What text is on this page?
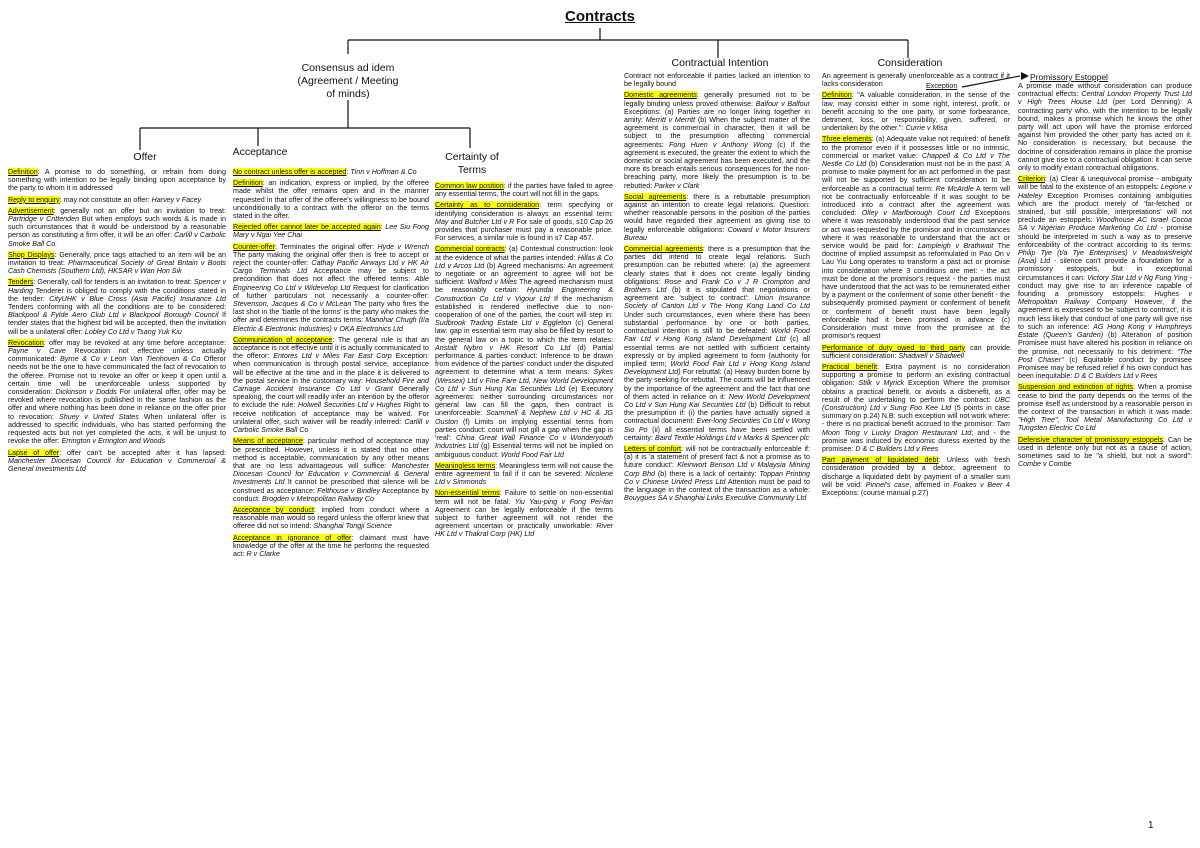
Contracts
Consensus ad idem
(Agreement / Meeting
of minds)
Offer	Acceptance	Certainty of
Terms
Contractual Intention	Consideration
Promissory Estoppel
Exception

Definition: A promise to do something, or refrain from doing something with intention to be legally binding upon acceptance by the party to whom it is addressed

Reply to enquiry: may not constitute an offer: Harvey v Facey

Advertisement: generally not an offer but an invitation to treat: Partridge v Crittenden But when employs such words & is made in such circumstances that it would be understood by a reasonable person as constituting a firm offer, it will be an offer: Carlill v Carbolic Smoke Ball Co.

Shop Displays: Generally, price tags attached to an item will be an invitation to treat: Pharmaceutical Society of Great Britain v Boots Cash Chemists (Southern Ltd), HKSAR v Wan Hon Sik

Tenders: Generally, call for tenders is an invitation to treat: Spencer v Harding Tenderer is obliged to comply with the conditions stated in the tender: CityUHK v Blue Cross (Asia Pacific) Insurance Ltd Tenders conforming with all the conditions are to be considered: Blackpool & Fylde Aero Club Ltd v Blackpool Borough Council If tender states that the highest bid will be accepted, then the invitation will be a unilateral offer: Lobley Co Ltd v Tsang Yuk Kiu

Revocation: offer may be revoked at any time before acceptance: Payne v Cave Revocation not effective unless actually communicated: Byrne & Co v Leon Van Tienhoven & Co Offeror needs not be the one to have communicated the fact of revocation to the offeree. Promise not to revoke an offer or keep it open until a certain time will be unenforceable unless supported by consideration: Dickinson v Dodds For unilateral offer, offer may be revoked where revocation is published in the same fashion as the offer and where nothing has been done in reliance on the offer prior to revocation: Shuey v United States When unilateral offer is addressed to specific individuals, who has started performing the requested acts but not yet completed the acts, it will be unjust to revoke the offer: Errington v Errington and Woods

Lapse of offer: offer can't be accepted after it has lapsed: Manchester Diocesan Council for Education v Commercial & General Investments Ltd

No contract unless offer is accepted: Tinn v Hoffman & Co

Definition: an indication, express or implied, by the offeree made whilst the offer remains open and in the manner requested in that offer of the offeree's willingness to be bound unconditionally to a contract with the offeror on the terms stated in the offer.

Rejected offer cannot later be accepted again: Lee Siu Fong Mary v Ngai Yee Chai

Counter-offer: Terminates the original offer: Hyde v Wrench The party making the original offer then is free to accept or reject the counter-offer: Cathay Pacific Airways Ltd v HK Air Cargo Terminals Ltd Acceptance may be subject to precondition that does not affect the offered terms: Able Engineering Co Ltd v Widevelop Ltd Request for clarification of further particulars not necessarily a counter-offer: Stevenson, Jacques & Co v McLean The party who fires the last shot in the 'battle of the forms' is the party who makes the offer and determines the contracts terms: Manohar Chugh (t/a Electric & Electronic Industries) v OKA Electronics Ltd

Communication of acceptance: The general rule is that an acceptance is not effective until it is actually communicated to the offeror: Entores Ltd v Miles Far East Corp Exception: when communication is through postal service, acceptance will be effective at the time and in the place it is delivered to the postal service in the customary way: Household Fire and Carriage Accident Insurance Co Ltd v Grant Generally speaking, the court will readily infer an intention by the offeror to exclude the rule: Holwell Securities Ltd v Hughes Right to receive notification of acceptance may be waived. For unilateral offer, such waiver will be readily inferred: Carlill v Carbolic Smoke Ball Co

Means of acceptance: particular method of acceptance may be prescribed. However, unless it is stated that no other method is acceptable, communication by any other means that are no less advantageous will suffice: Manchester Diocesan Council for Education v Commercial & General Investments Ltd It cannot be prescribed that silence will be construed as acceptance: Felthouse v Bindley Acceptance by conduct: Brogden v Metropolitan Railway Co

Acceptance by conduct: implied from conduct where a reasonable man would so regard unless the offeror knew that offeree did not so intend: Shanghai Tongji Science

Acceptance in ignorance of offer: claimant must have knowledge of the offer at the time he performs the requested act: R v Clarke

Common law position: if the parties have failed to agree any essential terms, the court will not fill in the gaps.

Certainty as to consideration: term specifying or identifying consideration is always an essential term: May and Butcher Ltd v R For sale of goods, s10 Cap 26 provides that purchaser must pay a reasonable price. For services, a similar rule is found in s7 Cap 457.

Commercial contracts: (a) Contextual construction: look at the evidence of what the parties intended: Hillas & Co Ltd v Arcos Ltd (b) Agreed mechanisms: An agreement to negotiate or an agreement to agree will not be sufficient: Walford v Miles The agreed mechanism must be reasonably certain: Hyundai Engineering & Construction Co Ltd v Vigour Ltd If the mechanism established is rendered ineffective due to non-cooperation of one of the parties, the court will step in: Sudbrook Trading Estate Ltd v Eggleton (c) General law: gap in essential term may also be filled by resort to the general law on a topic to which the term relates: Anstalt Nybro v HK Resort Co Ltd (d) Partial performance & parties conduct: Inference to be drawn from evidence of the parties' conduct under the disputed agreement to determine what a term means: Sykes (Wessex) Ltd v Fine Fare Ltd, New World Development Co Ltd v Sun Hung Kai Securities Ltd (e) Executory agreements: neither surrounding circumstances nor general law can fill the gaps, then contract is unenforceable: Scammell & Nephew Ltd v HC & JG Ouston (f) Limits on implying essential terms from parties conduct: court will not gill a gap when the gap is 'real': China Great Wall Finance Co v Wonderyouth Industries Ltd (g) Essential terms will not be implied on ambiguous conduct: World Food Fair Ltd

Meaningless terms: Meaningless term will not cause the entire agreement to fail if it can be severed: Nicolene Ltd v Simmonds

Non-essential terms: Failure to settle on non-essential term will not be fatal: Yiu Yau-ping v Fong Pei-fan Agreement can be legally enforceable if the terms subject to further agreement will not render the agreement uncertain or practically unworkable: River HK Ltd v Thakral Corp (HK) Ltd

Contract not enforceable if parties lacked an intention to be legally bound

Domestic agreements: generally presumed not to be legally binding unless proved otherwise: Balfour v Balfour Exceptions: (a) Parties are no longer living together in amity: Merritt v Merritt (b) When the subject matter of the agreement is commercial in character, then it will be subject to the presumption affecting commercial agreements: Fong Huen v Anthony Wong (c) If the agreement is executed, the greater the extent to which the domestic or social agreement has been executed, and the more its breach entails serious consequences for the non-breaching party, more likely the presumption is to be rebutted: Parker v Clark

Social agreements: there is a rebuttable presumption against an intention to create legal relations. Question: whether reasonable persons in the position of the parties would have regarded their agreement as giving rise to legally enforceable obligations: Coward v Motor Insurers Bureau

Commercial agreements: there is a presumption that the parties did intend to create legal relations. Such presumption can be rebutted where: (a) the agreement clearly states that it does not create legally binding obligations: Rose and Frank Co v J R Crompton and Brothers Ltd (b) it is stipulated that negotiations or agreement are 'subject to contract': Union Insurance Society of Canton Ltd v The Hong Kong Land Co Ltd Under such circumstances, even where there has been substantial performance by one or both parties, contractual intention is still to be defeated: World Food Fair Ltd v Hong Kong Island Development Ltd (c) all essential terms are not settled with sufficient certainty expressly or by implied agreement to form (authority for implied term; World Food Fair Ltd v Hong Kong Island Development Ltd) For rebuttal: (a) Heavy burden borne by the party seeking for rebuttal. The courts will be influenced by the importance of the agreement and the fact that one of them acted in reliance on it: New World Development Co Ltd v Sun Hung Kai Securities Ltd (b) Difficult to rebut the presumption if: (i) the parties have actually signed a contractual document: Ever-long Securities Co Ltd v Wong Sio Po (ii) all essential terms have been settled with certainty: Baird Textile Holdings Ltd v Marks & Spencer plc

Letters of comfort: will not be contractually enforceable if: (a) it is 'a statement of present fact & not a promise as to future conduct': Kleinwort Benson Ltd v Malaysia Mining Corp Bhd (b) there is a lack of certainty: Toppan Printing Co v Chinese United Press Ltd Attention must be paid to the language in the context of the transaction as a whole: Bouygues SA v Shanghai Links Executive Community Ltd

An agreement is generally unenforceable as a contract if it lacks consideration

Definition: "A valuable consideration, in the sense of the law, may consist either in some right, interest, profit, or benefit accruing to the one party, or some forbearance, detriment, loss, or responsibility, given, suffered, or undertaken by the other.": Currie v Misa

Three elements: (a) Adequate value not required: of benefit to the promisor even if it possesses little or no intrinsic, commercial or market value: Chappell & Co Ltd v The Nestle Co Ltd (b) Consideration must not be in the past: A promise to make payment for an act performed in the past will not be supported by sufficient consideration to be enforceable as a contractual term: Re McArdle A term will not be contractually enforceable if it was sought to be introduced into a contract after the agreement was concluded: Olley v Marlborough Court Ltd Exceptions where it was reasonably understood that the past service or act was requested by the promisor and in circumstances where it was reasonable to understand that the act or service would be paid for: Lampleigh v Brathwait The doctrine of implied assumpsit as reformulated in Pao On v Lau Yiu Long operates to transform a past act or promise into consideration where 3 conditions are met: - the act must be done at the promisor's request - the parties must have understood that the act was to be remunerated either by a payment or the conferment of some other benefit - the subsequently promised payment or conferment of benefit or conferment of benefit must have been legally enforceable had it been promised in advance (c) Consideration must move from the promisee at the promisor's request

Performance of duty owed to third party can provide sufficient consideration: Shadwell v Shadwell

Practical benefit: Extra payment is no consideration supporting a promise to perform an existing contractual obligation: Stilk v Myrick Exception Where the promisor obtains a practical benefit, or avoids a disbenefit, as a result of the undertaking to perform the contract: UBC (Construction) Ltd v Sung Foo Kee Ltd (5 points in case summary on p.24) N.B: such exception will not work where: - there is no practical benefit accrued to the promisor: Tam Moon Tong v Lucky Dragon Restaurant Ltd; and - the promise was induced by economic duress exerted by the promisee: D & C Builders Ltd v Rees

Part payment of liquidated debt: Unless with fresh consideration provided by a debtor, agreement to discharge a liquidated debt by payment of a smaller sum will be void: Pinnel's case, affirmed in Foakes v Beer 4 Exceptions: (course manual p.27)

A promise made without consideration can produce contractual effects: Central London Property Trust Ltd v High Trees House Ltd (per Lord Denning): A contracting party who, with the intention to be legally bound, makes a promise which he knows the other party will act upon will have the promise enforced against him provided the other party has acted on it. No consideration is necessary, but because the doctrine of consideration remains in place the promise cannot give rise to a contractual obligation: it can serve only to modify extant contractual obligations.

Criterion: (a) Clear & unequivocal promise - ambiguity will be fatal to the existence of an estoppels: Legione v Hateley Exception Promises containing ambiguities which are the product merely of 'far-fetched or strained, but still possible, interpretations' will not preclude an estoppels: Woodhouse AC Israel Cocoa SA v Nigerian Produce Marketing Co Ltd - promise should be interpreted in such a way as to preserve enforceability of the contract according to its terms: Philip Tye (t/a Tye Enterprises) v Meadowsfreight (Asia) Ltd - silence can't provide a foundation for a promissory estoppels, but in exceptional circumstances it can: Victory Star Ltd v Ng Fung Ying - conduct may give rise to an inference capable of founding a promissory estoppels: Hughes v Metropolitan Railway Company However, if the agreement is expressed to be 'subject to contract', it is much less likely that conduct of one party will give rise to such an inference: AG Hong Kong v Humphreys Estate (Queen's Garden) (b) Alteration of position Promisee must have altered his position in reliance on the promise, not necessarily to his detriment: "The Post Chaser" (c) Equitable conduct by promisee Promisee may be refused relief if his own conduct has been inequitable: D & C Builders Ltd v Rees

Suspension and extinction of rights: When a promise cease to bind the party depends on the terms of the promise itself as understood by a reasonable person in the context of the transaction in which it was made: "High Tree", Tool Metal Manufacturing Co Ltd v Tungsten Electric Co Ltd

Defensive character of promissory estoppels: Can be used in defence only but not as a cause of action, sometimes said to be "a shield, but not a sword": Combe v Combe

1
